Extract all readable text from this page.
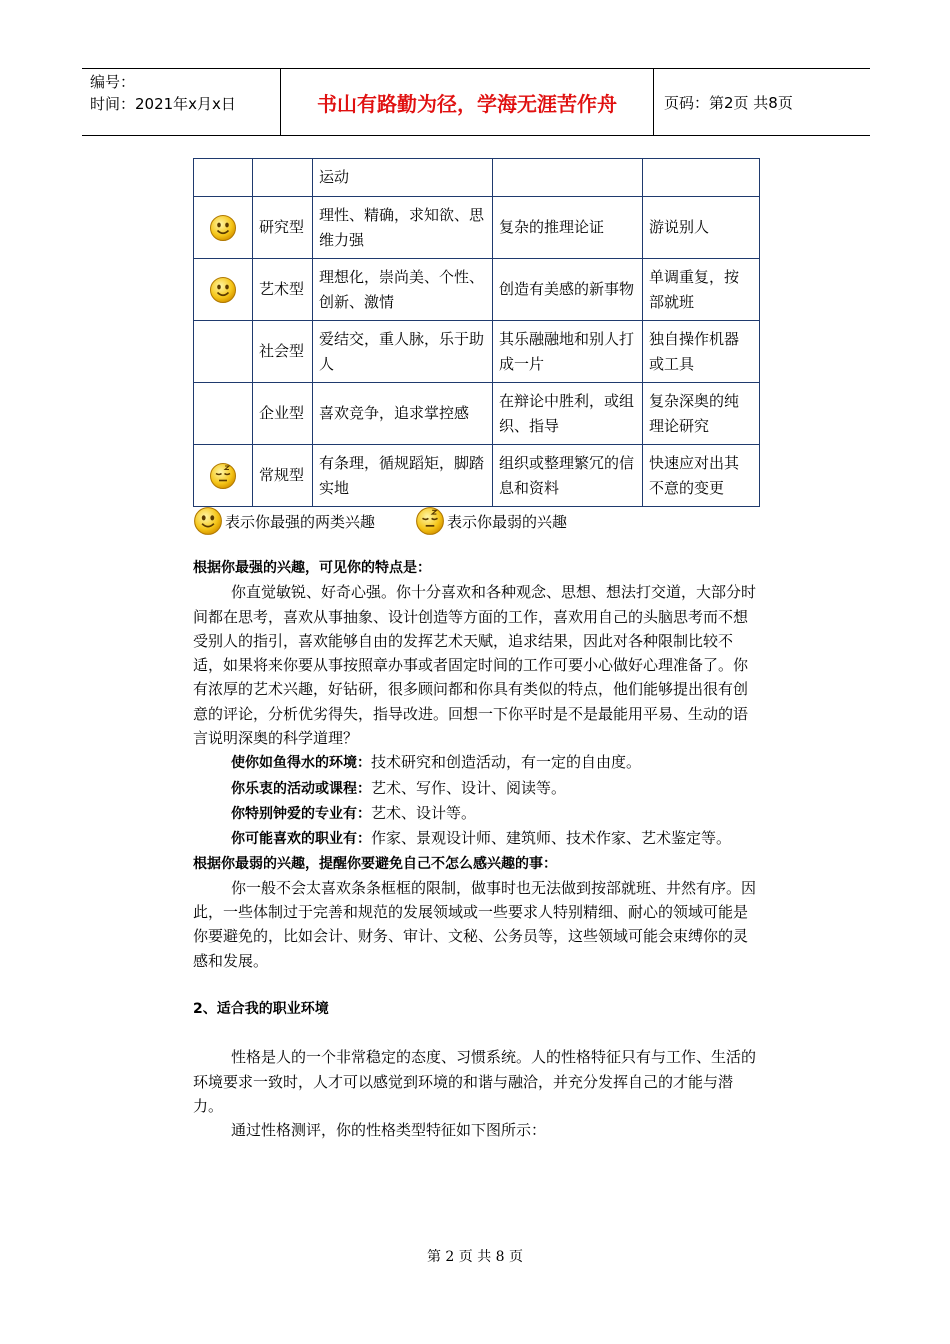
编号：
时间：2021年x月x日	书山有路勤为径，学海无涯苦作舟	页码：第2页 共8页
		运动		

	研究型	理性、精确，求知欲、思维力强	复杂的推理论证	游说别人

	艺术型	理想化，崇尚美、个性、创新、激情	创造有美感的新事物	单调重复，按部就班
	社会型	爱结交，重人脉，乐于助人	其乐融融地和别人打成一片	独自操作机器或工具
	企业型	喜欢竞争，追求掌控感	在辩论中胜利，或组织、指导	复杂深奥的纯理论研究

	常规型	有条理，循规蹈矩，脚踏实地	组织或整理繁冗的信息和资料	快速应对出其不意的变更
表示你最强的两类兴趣	表示你最弱的兴趣

根据你最强的兴趣，可见你的特点是：

你直觉敏锐、好奇心强。你十分喜欢和各种观念、思想、想法打交道，大部分时间都在思考，喜欢从事抽象、设计创造等方面的工作，喜欢用自己的头脑思考而不想受别人的指引，喜欢能够自由的发挥艺术天赋，追求结果，因此对各种限制比较不适，如果将来你要从事按照章办事或者固定时间的工作可要小心做好心理准备了。你有浓厚的艺术兴趣，好钻研，很多顾问都和你具有类似的特点，他们能够提出很有创意的评论，分析优劣得失，指导改进。回想一下你平时是不是最能用平易、生动的语言说明深奥的科学道理？

使你如鱼得水的环境：技术研究和创造活动，有一定的自由度。

你乐衷的活动或课程：艺术、写作、设计、阅读等。

你特别钟爱的专业有：艺术、设计等。

你可能喜欢的职业有：作家、景观设计师、建筑师、技术作家、艺术鉴定等。

根据你最弱的兴趣，提醒你要避免自己不怎么感兴趣的事：

你一般不会太喜欢条条框框的限制，做事时也无法做到按部就班、井然有序。因此，一些体制过于完善和规范的发展领域或一些要求人特别精细、耐心的领域可能是你要避免的，比如会计、财务、审计、文秘、公务员等，这些领域可能会束缚你的灵感和发展。

2、适合我的职业环境

性格是人的一个非常稳定的态度、习惯系统。人的性格特征只有与工作、生活的环境要求一致时，人才可以感觉到环境的和谐与融洽，并充分发挥自己的才能与潜力。

通过性格测评，你的性格类型特征如下图所示：

第 2 页 共 8 页
